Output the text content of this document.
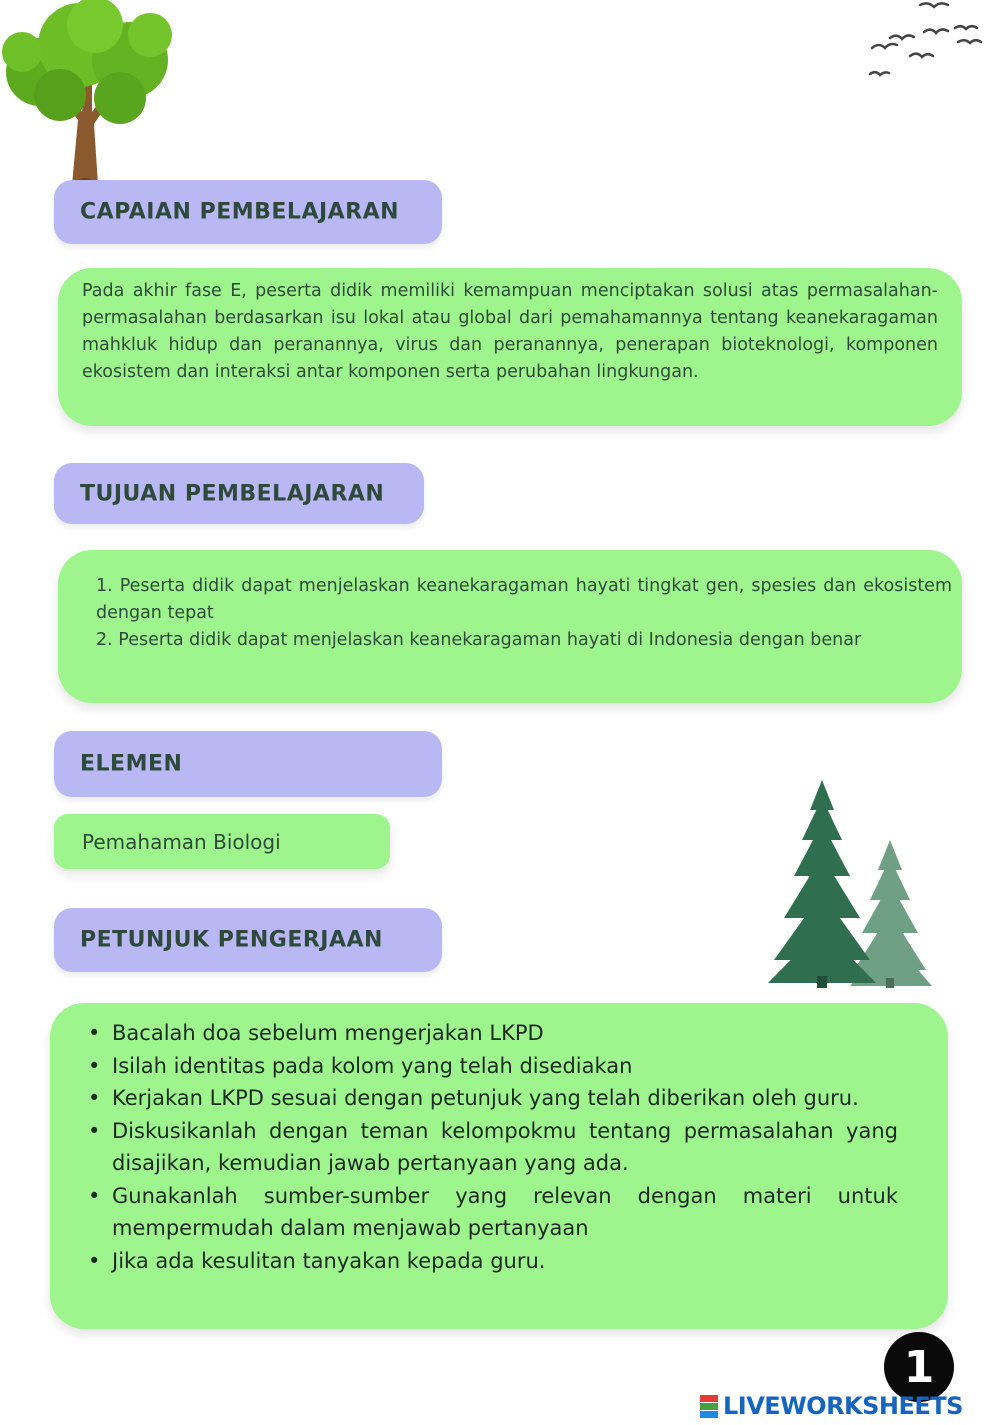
CAPAIAN PEMBELAJARAN
Pada akhir fase E, peserta didik memiliki kemampuan menciptakan solusi atas permasalahan-permasalahan berdasarkan isu lokal atau global dari pemahamannya tentang keanekaragaman mahkluk hidup dan peranannya, virus dan peranannya, penerapan bioteknologi, komponen ekosistem dan interaksi antar komponen serta perubahan lingkungan.
TUJUAN PEMBELAJARAN
1. Peserta didik dapat menjelaskan keanekaragaman hayati tingkat gen, spesies dan ekosistem dengan tepat
2. Peserta didik dapat menjelaskan keanekaragaman hayati di Indonesia dengan benar
ELEMEN
Pemahaman Biologi
PETUNJUK PENGERJAAN
• Bacalah doa sebelum mengerjakan LKPD
• Isilah identitas pada kolom yang telah disediakan
• Kerjakan LKPD sesuai dengan petunjuk yang telah diberikan oleh guru.
• Diskusikanlah dengan teman kelompokmu tentang permasalahan yang disajikan, kemudian jawab pertanyaan yang ada.
• Gunakanlah sumber-sumber yang relevan dengan materi untuk mempermudah dalam menjawab pertanyaan
• Jika ada kesulitan tanyakan kepada guru.
1
LIVEWORKSHEETS
